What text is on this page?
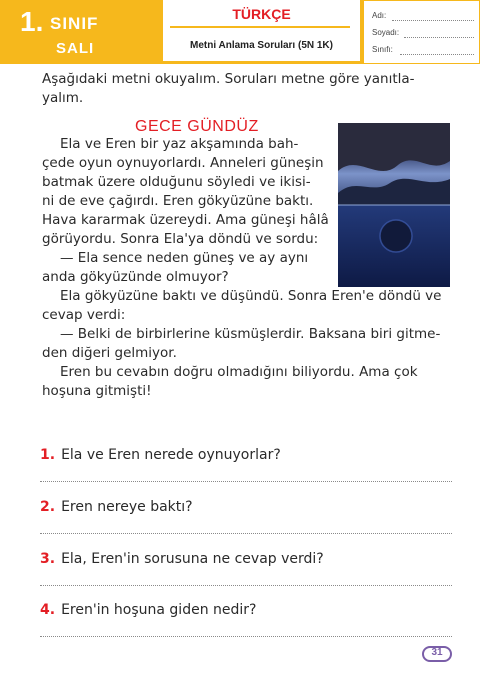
1. SINIF
SALI
TÜRKÇE
Metni Anlama Soruları (5N 1K)
Adı:
Soyadı:
Sınıfı:
Aşağıdaki metni okuyalım. Soruları metne göre yanıtla-
yalım.
GECE GÜNDÜZ
Ela ve Eren bir yaz akşamında bah-
çede oyun oynuyorlardı. Anneleri güneşin
batmak üzere olduğunu söyledi ve ikisi-
ni de eve çağırdı. Eren gökyüzüne baktı.
Hava kararmak üzereydi. Ama güneşi hâlâ
görüyordu. Sonra Ela'ya döndü ve sordu:
— Ela sence neden güneş ve ay aynı
anda gökyüzünde olmuyor?
Ela gökyüzüne baktı ve düşündü. Sonra Eren'e döndü ve
cevap verdi:
— Belki de birbirlerine küsmüşlerdir. Baksana biri gitme-
den diğeri gelmiyor.
Eren bu cevabın doğru olmadığını biliyordu. Ama çok
hoşuna gitmişti!
1. Ela ve Eren nerede oynuyorlar?
2. Eren nereye baktı?
3. Ela, Eren'in sorusuna ne cevap verdi?
4. Eren'in hoşuna giden nedir?
31
